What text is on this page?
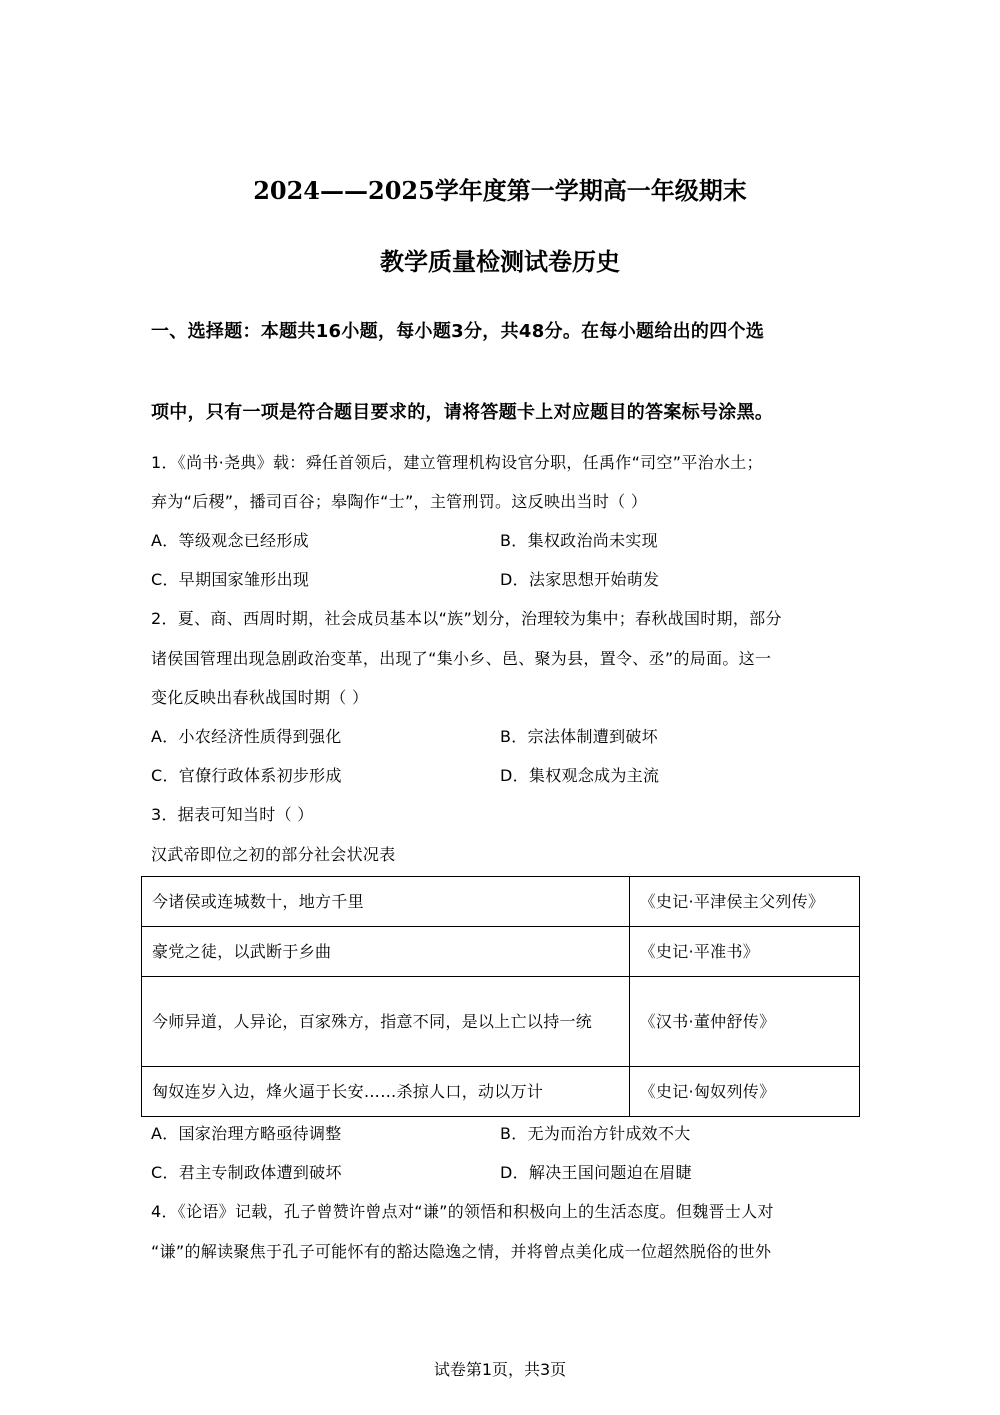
2024——2025学年度第一学期高一年级期末
教学质量检测试卷历史
一、选择题：本题共16小题，每小题3分，共48分。在每小题给出的四个选
项中，只有一项是符合题目要求的，请将答题卡上对应题目的答案标号涂黑。
1．《尚书·尧典》载：舜任首领后，建立管理机构设官分职，任禹作“司空”平治水土；
弃为“后稷”，播司百谷；皋陶作“士”，主管刑罚。这反映出当时（ ）
A．等级观念已经形成	B．集权政治尚未实现
C．早期国家雏形出现	D．法家思想开始萌发
2．夏、商、西周时期，社会成员基本以“族”划分，治理较为集中；春秋战国时期，部分
诸侯国管理出现急剧政治变革，出现了“集小乡、邑、聚为县，置令、丞”的局面。这一
变化反映出春秋战国时期（ ）
A．小农经济性质得到强化	B．宗法体制遭到破坏
C．官僚行政体系初步形成	D．集权观念成为主流
3．据表可知当时（ ）
汉武帝即位之初的部分社会状况表
今诸侯或连城数十，地方千里	《史记·平津侯主父列传》
豪党之徒，以武断于乡曲	《史记·平准书》
今师异道，人异论，百家殊方，指意不同，是以上亡以持一统	《汉书·董仲舒传》
匈奴连岁入边，烽火逼于长安……杀掠人口，动以万计	《史记·匈奴列传》
A．国家治理方略亟待调整	B．无为而治方针成效不大
C．君主专制政体遭到破坏	D．解决王国问题迫在眉睫
4．《论语》记载，孔子曾赞许曾点对“谦”的领悟和积极向上的生活态度。但魏晋士人对
“谦”的解读聚焦于孔子可能怀有的豁达隐逸之情，并将曾点美化成一位超然脱俗的世外
试卷第1页，共3页
